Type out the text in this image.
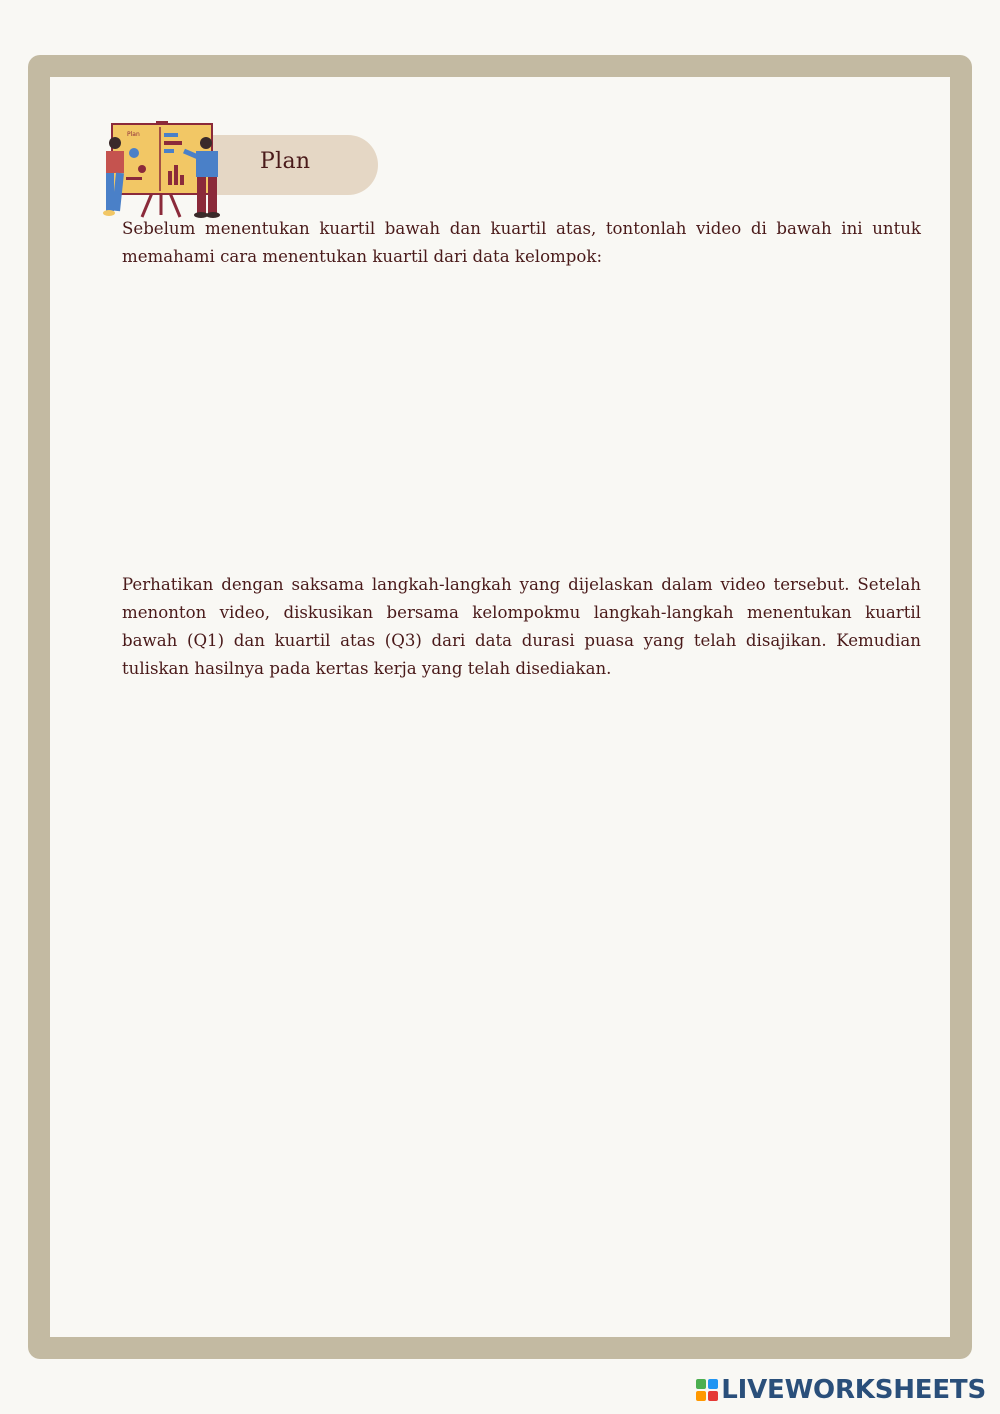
Plan
Plan

Sebelum menentukan kuartil bawah dan kuartil atas, tontonlah video di bawah ini untuk memahami cara menentukan kuartil dari data kelompok:

Perhatikan dengan saksama langkah-langkah yang dijelaskan dalam video tersebut. Setelah menonton video, diskusikan bersama kelompokmu langkah-langkah menentukan kuartil bawah (Q1) dan kuartil atas (Q3) dari data durasi puasa yang telah disajikan. Kemudian tuliskan hasilnya pada kertas kerja yang telah disediakan.

LIVEWORKSHEETS
